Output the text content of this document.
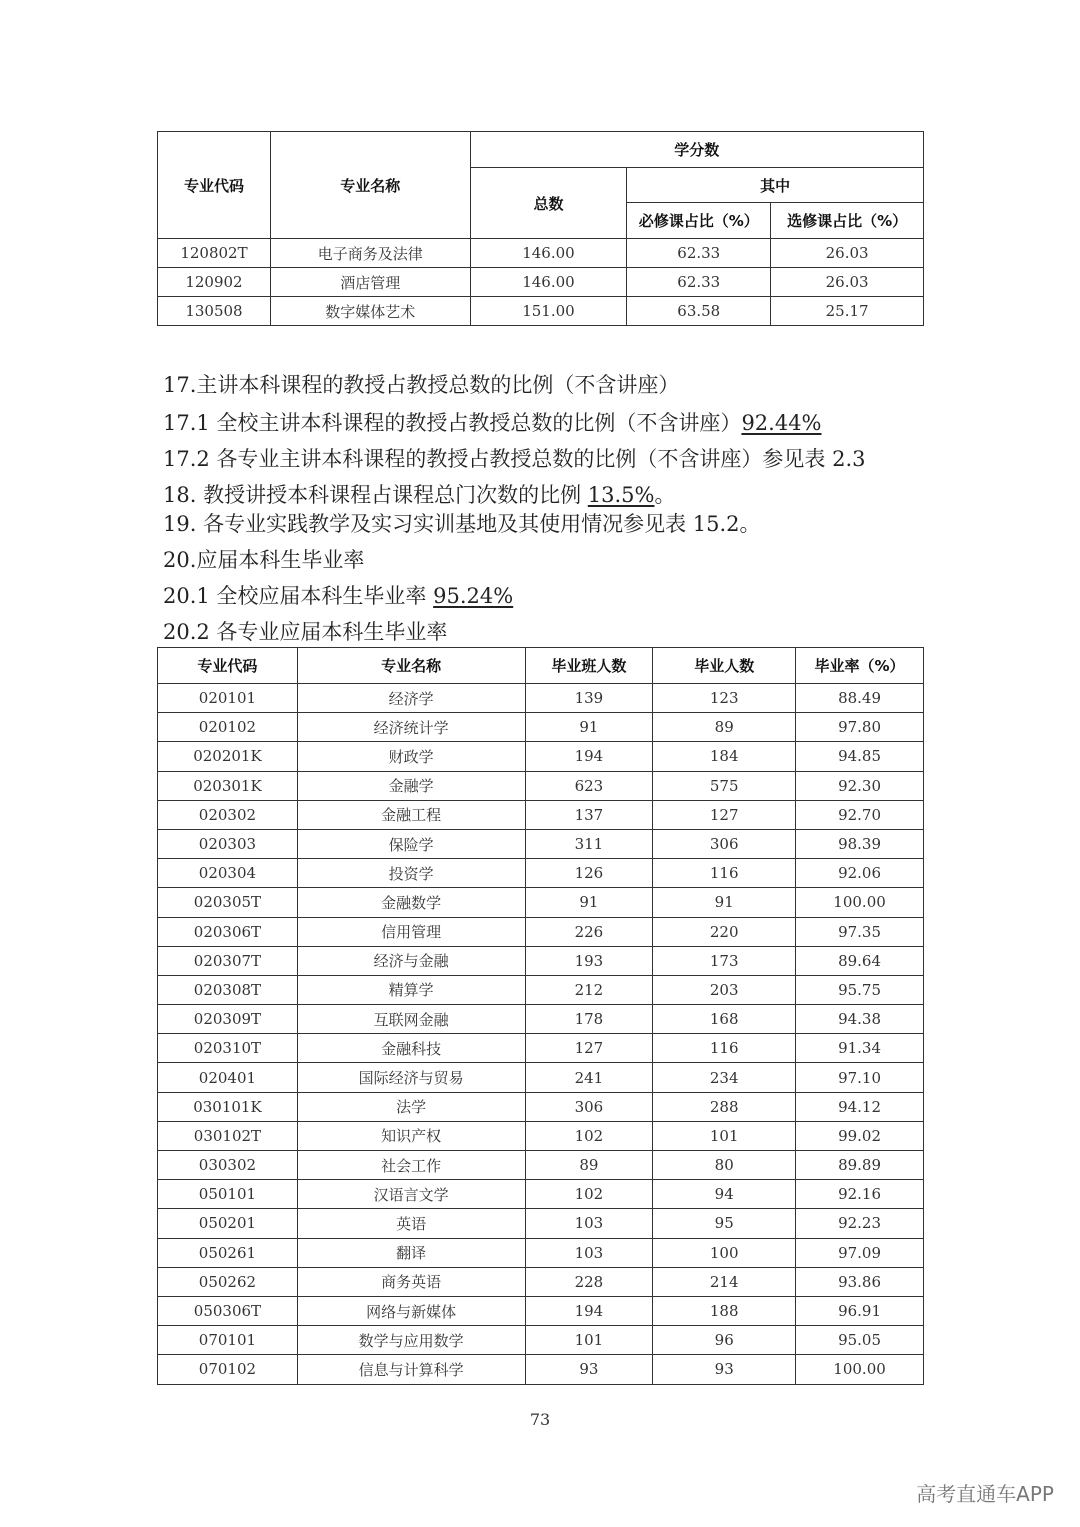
专业代码	专业名称	学分数		
		总数	其中	
			必修课占比（%）	选修课占比（%）
120802T	电子商务及法律	146.00	62.33	26.03
120902	酒店管理	146.00	62.33	26.03
130508	数字媒体艺术	151.00	63.58	25.17
17.主讲本科课程的教授占教授总数的比例（不含讲座）
17.1 全校主讲本科课程的教授占教授总数的比例（不含讲座）92.44%
17.2 各专业主讲本科课程的教授占教授总数的比例（不含讲座）参见表 2.3
18. 教授讲授本科课程占课程总门次数的比例 13.5%。
19. 各专业实践教学及实习实训基地及其使用情况参见表 15.2。
20.应届本科生毕业率
20.1 全校应届本科生毕业率 95.24%
20.2 各专业应届本科生毕业率
专业代码	专业名称	毕业班人数	毕业人数	毕业率（%）
020101	经济学	139	123	88.49
020102	经济统计学	91	89	97.80
020201K	财政学	194	184	94.85
020301K	金融学	623	575	92.30
020302	金融工程	137	127	92.70
020303	保险学	311	306	98.39
020304	投资学	126	116	92.06
020305T	金融数学	91	91	100.00
020306T	信用管理	226	220	97.35
020307T	经济与金融	193	173	89.64
020308T	精算学	212	203	95.75
020309T	互联网金融	178	168	94.38
020310T	金融科技	127	116	91.34
020401	国际经济与贸易	241	234	97.10
030101K	法学	306	288	94.12
030102T	知识产权	102	101	99.02
030302	社会工作	89	80	89.89
050101	汉语言文学	102	94	92.16
050201	英语	103	95	92.23
050261	翻译	103	100	97.09
050262	商务英语	228	214	93.86
050306T	网络与新媒体	194	188	96.91
070101	数学与应用数学	101	96	95.05
070102	信息与计算科学	93	93	100.00
73
高考直通车APP
